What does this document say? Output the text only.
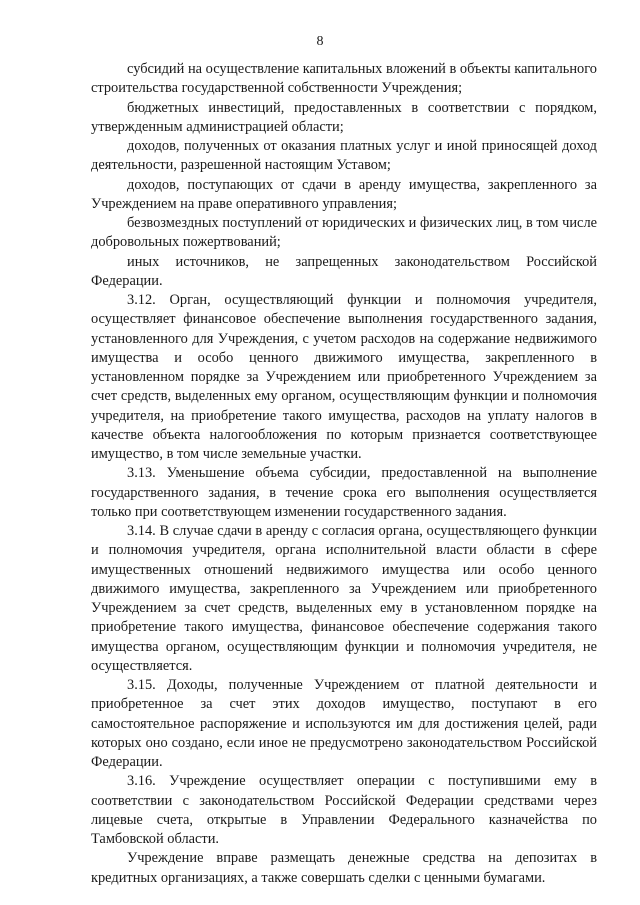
8

субсидий на осуществление капитальных вложений в объекты капитального строительства государственной собственности Учреждения;

бюджетных инвестиций, предоставленных в соответствии с порядком, утвержденным администрацией области;

доходов, полученных от оказания платных услуг и иной приносящей доход деятельности, разрешенной настоящим Уставом;

доходов, поступающих от сдачи в аренду имущества, закрепленного за Учреждением на праве оперативного управления;

безвозмездных поступлений от юридических и физических лиц, в том числе добровольных пожертвований;

иных источников, не запрещенных законодательством Российской Федерации.

3.12. Орган, осуществляющий функции и полномочия учредителя, осуществляет финансовое обеспечение выполнения государственного задания, установленного для Учреждения, с учетом расходов на содержание недвижимого имущества и особо ценного движимого имущества, закрепленного в установленном порядке за Учреждением или приобретенного Учреждением за счет средств, выделенных ему органом, осуществляющим функции и полномочия учредителя, на приобретение такого имущества, расходов на уплату налогов в качестве объекта налогообложения по которым признается соответствующее имущество, в том числе земельные участки.

3.13. Уменьшение объема субсидии, предоставленной на выполнение государственного задания, в течение срока его выполнения осуществляется только при соответствующем изменении государственного задания.

3.14. В случае сдачи в аренду с согласия органа, осуществляющего функции и полномочия учредителя, органа исполнительной власти области в сфере имущественных отношений недвижимого имущества или особо ценного движимого имущества, закрепленного за Учреждением или приобретенного Учреждением за счет средств, выделенных ему в установленном порядке на приобретение такого имущества, финансовое обеспечение содержания такого имущества органом, осуществляющим функции и полномочия учредителя, не осуществляется.

3.15. Доходы, полученные Учреждением от платной деятельности и приобретенное за счет этих доходов имущество, поступают в его самостоятельное распоряжение и используются им для достижения целей, ради которых оно создано, если иное не предусмотрено законодательством Российской Федерации.

3.16. Учреждение осуществляет операции с поступившими ему в соответствии с законодательством Российской Федерации средствами через лицевые счета, открытые в Управлении Федерального казначейства по Тамбовской области.

Учреждение вправе размещать денежные средства на депозитах в кредитных организациях, а также совершать сделки с ценными бумагами.
